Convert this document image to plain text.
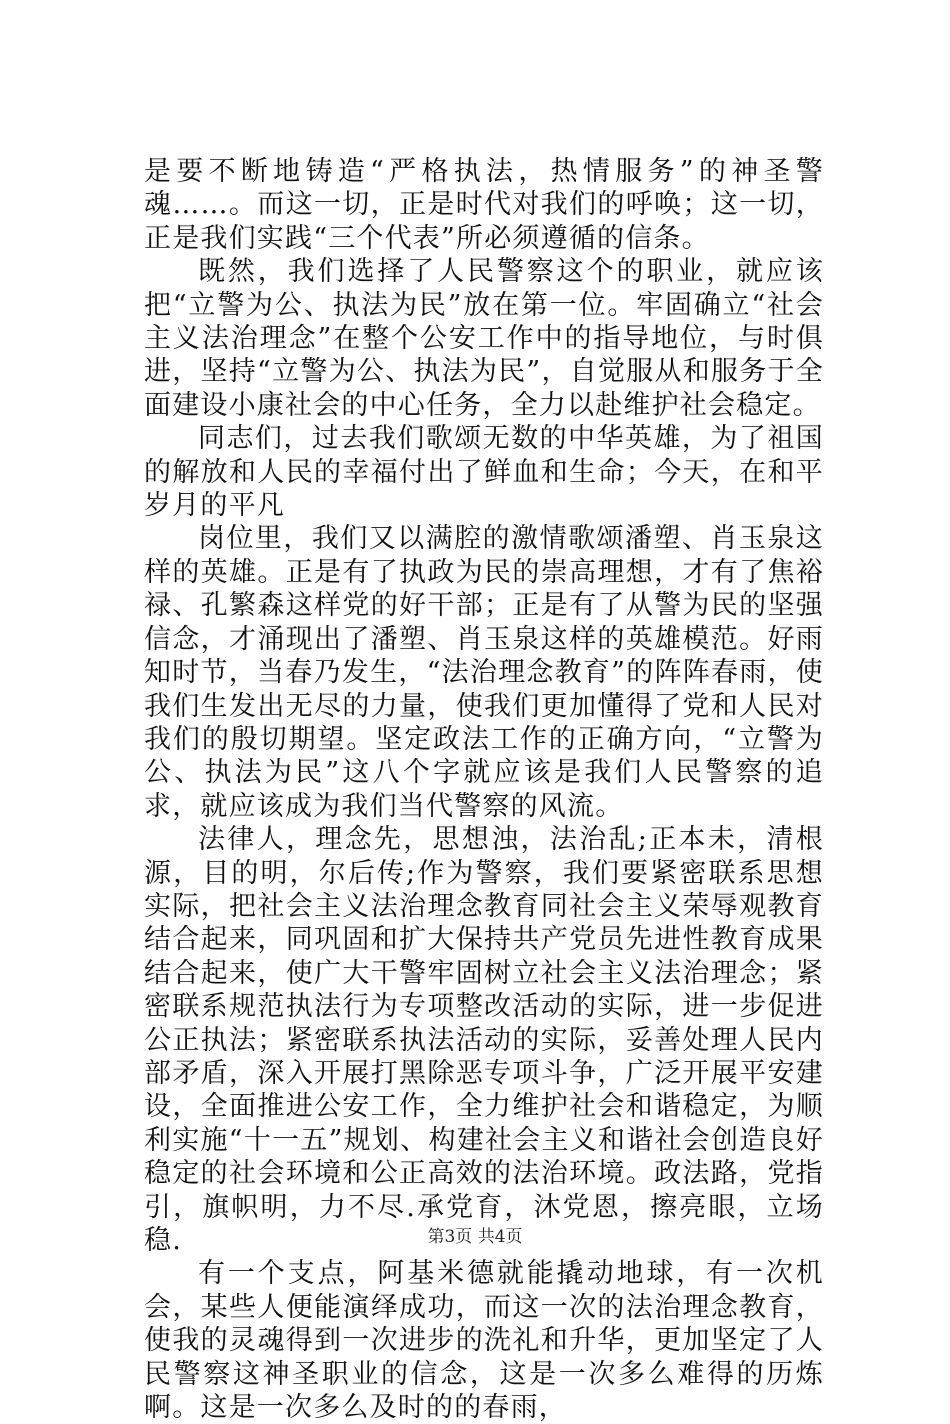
是要不断地铸造“严格执法，热情服务”的神圣警魂……。而这一切，正是时代对我们的呼唤；这一切，正是我们实践“三个代表”所必须遵循的信条。

既然，我们选择了人民警察这个的职业，就应该把“立警为公、执法为民”放在第一位。牢固确立“社会主义法治理念”在整个公安工作中的指导地位，与时俱进，坚持“立警为公、执法为民”，自觉服从和服务于全面建设小康社会的中心任务，全力以赴维护社会稳定。

同志们，过去我们歌颂无数的中华英雄，为了祖国的解放和人民的幸福付出了鲜血和生命；今天，在和平岁月的平凡

岗位里，我们又以满腔的激情歌颂潘塑、肖玉泉这样的英雄。正是有了执政为民的崇高理想，才有了焦裕禄、孔繁森这样党的好干部；正是有了从警为民的坚强信念，才涌现出了潘塑、肖玉泉这样的英雄模范。好雨知时节，当春乃发生，“法治理念教育”的阵阵春雨，使我们生发出无尽的力量，使我们更加懂得了党和人民对我们的殷切期望。坚定政法工作的正确方向，“立警为公、执法为民”这八个字就应该是我们人民警察的追求，就应该成为我们当代警察的风流。

法律人，理念先，思想浊，法治乱;正本未，清根源，目的明，尔后传;作为警察，我们要紧密联系思想实际，把社会主义法治理念教育同社会主义荣辱观教育结合起来，同巩固和扩大保持共产党员先进性教育成果结合起来，使广大干警牢固树立社会主义法治理念；紧密联系规范执法行为专项整改活动的实际，进一步促进公正执法；紧密联系执法活动的实际，妥善处理人民内部矛盾，深入开展打黑除恶专项斗争，广泛开展平安建设，全面推进公安工作，全力维护社会和谐稳定，为顺利实施“十一五”规划、构建社会主义和谐社会创造良好稳定的社会环境和公正高效的法治环境。政法路，党指引，旗帜明，力不尽.承党育，沐党恩，擦亮眼，立场稳.

有一个支点，阿基米德就能撬动地球，有一次机会，某些人便能演绎成功，而这一次的法治理念教育，使我的灵魂得到一次进步的洗礼和升华，更加坚定了人民警察这神圣职业的信念，这是一次多么难得的历炼啊。这是一次多么及时的的春雨，

第3页 共4页
